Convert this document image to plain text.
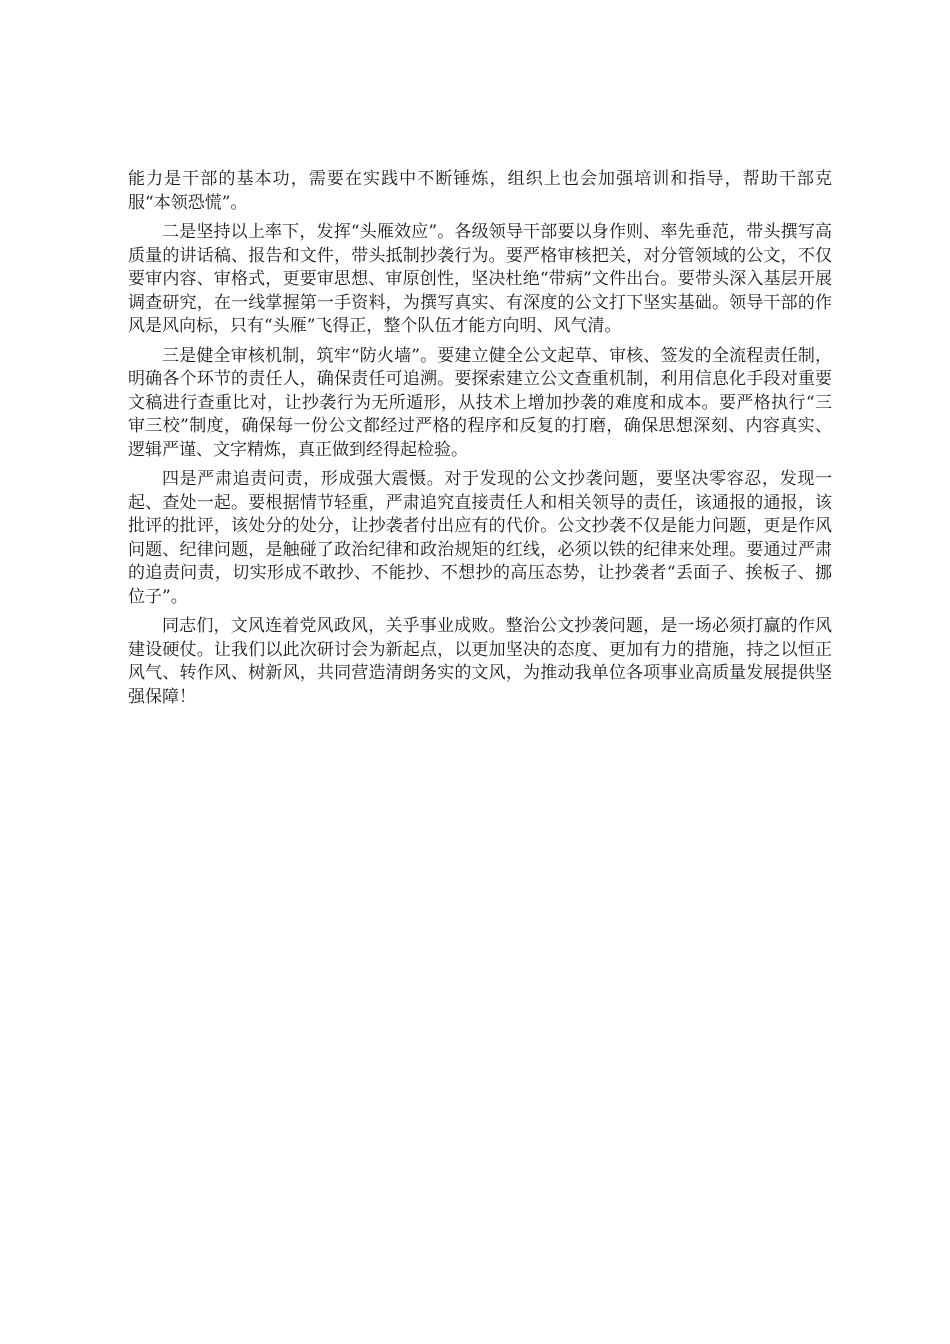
能力是干部的基本功，需要在实践中不断锤炼，组织上也会加强培训和指导，帮助干部克服“本领恐慌”。

二是坚持以上率下，发挥“头雁效应”。各级领导干部要以身作则、率先垂范，带头撰写高质量的讲话稿、报告和文件，带头抵制抄袭行为。要严格审核把关，对分管领域的公文，不仅要审内容、审格式，更要审思想、审原创性，坚决杜绝“带病”文件出台。要带头深入基层开展调查研究，在一线掌握第一手资料，为撰写真实、有深度的公文打下坚实基础。领导干部的作风是风向标，只有“头雁”飞得正，整个队伍才能方向明、风气清。

三是健全审核机制，筑牢“防火墙”。要建立健全公文起草、审核、签发的全流程责任制，明确各个环节的责任人，确保责任可追溯。要探索建立公文查重机制，利用信息化手段对重要文稿进行查重比对，让抄袭行为无所遁形，从技术上增加抄袭的难度和成本。要严格执行“三审三校”制度，确保每一份公文都经过严格的程序和反复的打磨，确保思想深刻、内容真实、逻辑严谨、文字精炼，真正做到经得起检验。

四是严肃追责问责，形成强大震慑。对于发现的公文抄袭问题，要坚决零容忍，发现一起、查处一起。要根据情节轻重，严肃追究直接责任人和相关领导的责任，该通报的通报，该批评的批评，该处分的处分，让抄袭者付出应有的代价。公文抄袭不仅是能力问题，更是作风问题、纪律问题，是触碰了政治纪律和政治规矩的红线，必须以铁的纪律来处理。要通过严肃的追责问责，切实形成不敢抄、不能抄、不想抄的高压态势，让抄袭者“丢面子、挨板子、挪位子”。

同志们，文风连着党风政风，关乎事业成败。整治公文抄袭问题，是一场必须打赢的作风建设硬仗。让我们以此次研讨会为新起点，以更加坚决的态度、更加有力的措施，持之以恒正风气、转作风、树新风，共同营造清朗务实的文风，为推动我单位各项事业高质量发展提供坚强保障！
